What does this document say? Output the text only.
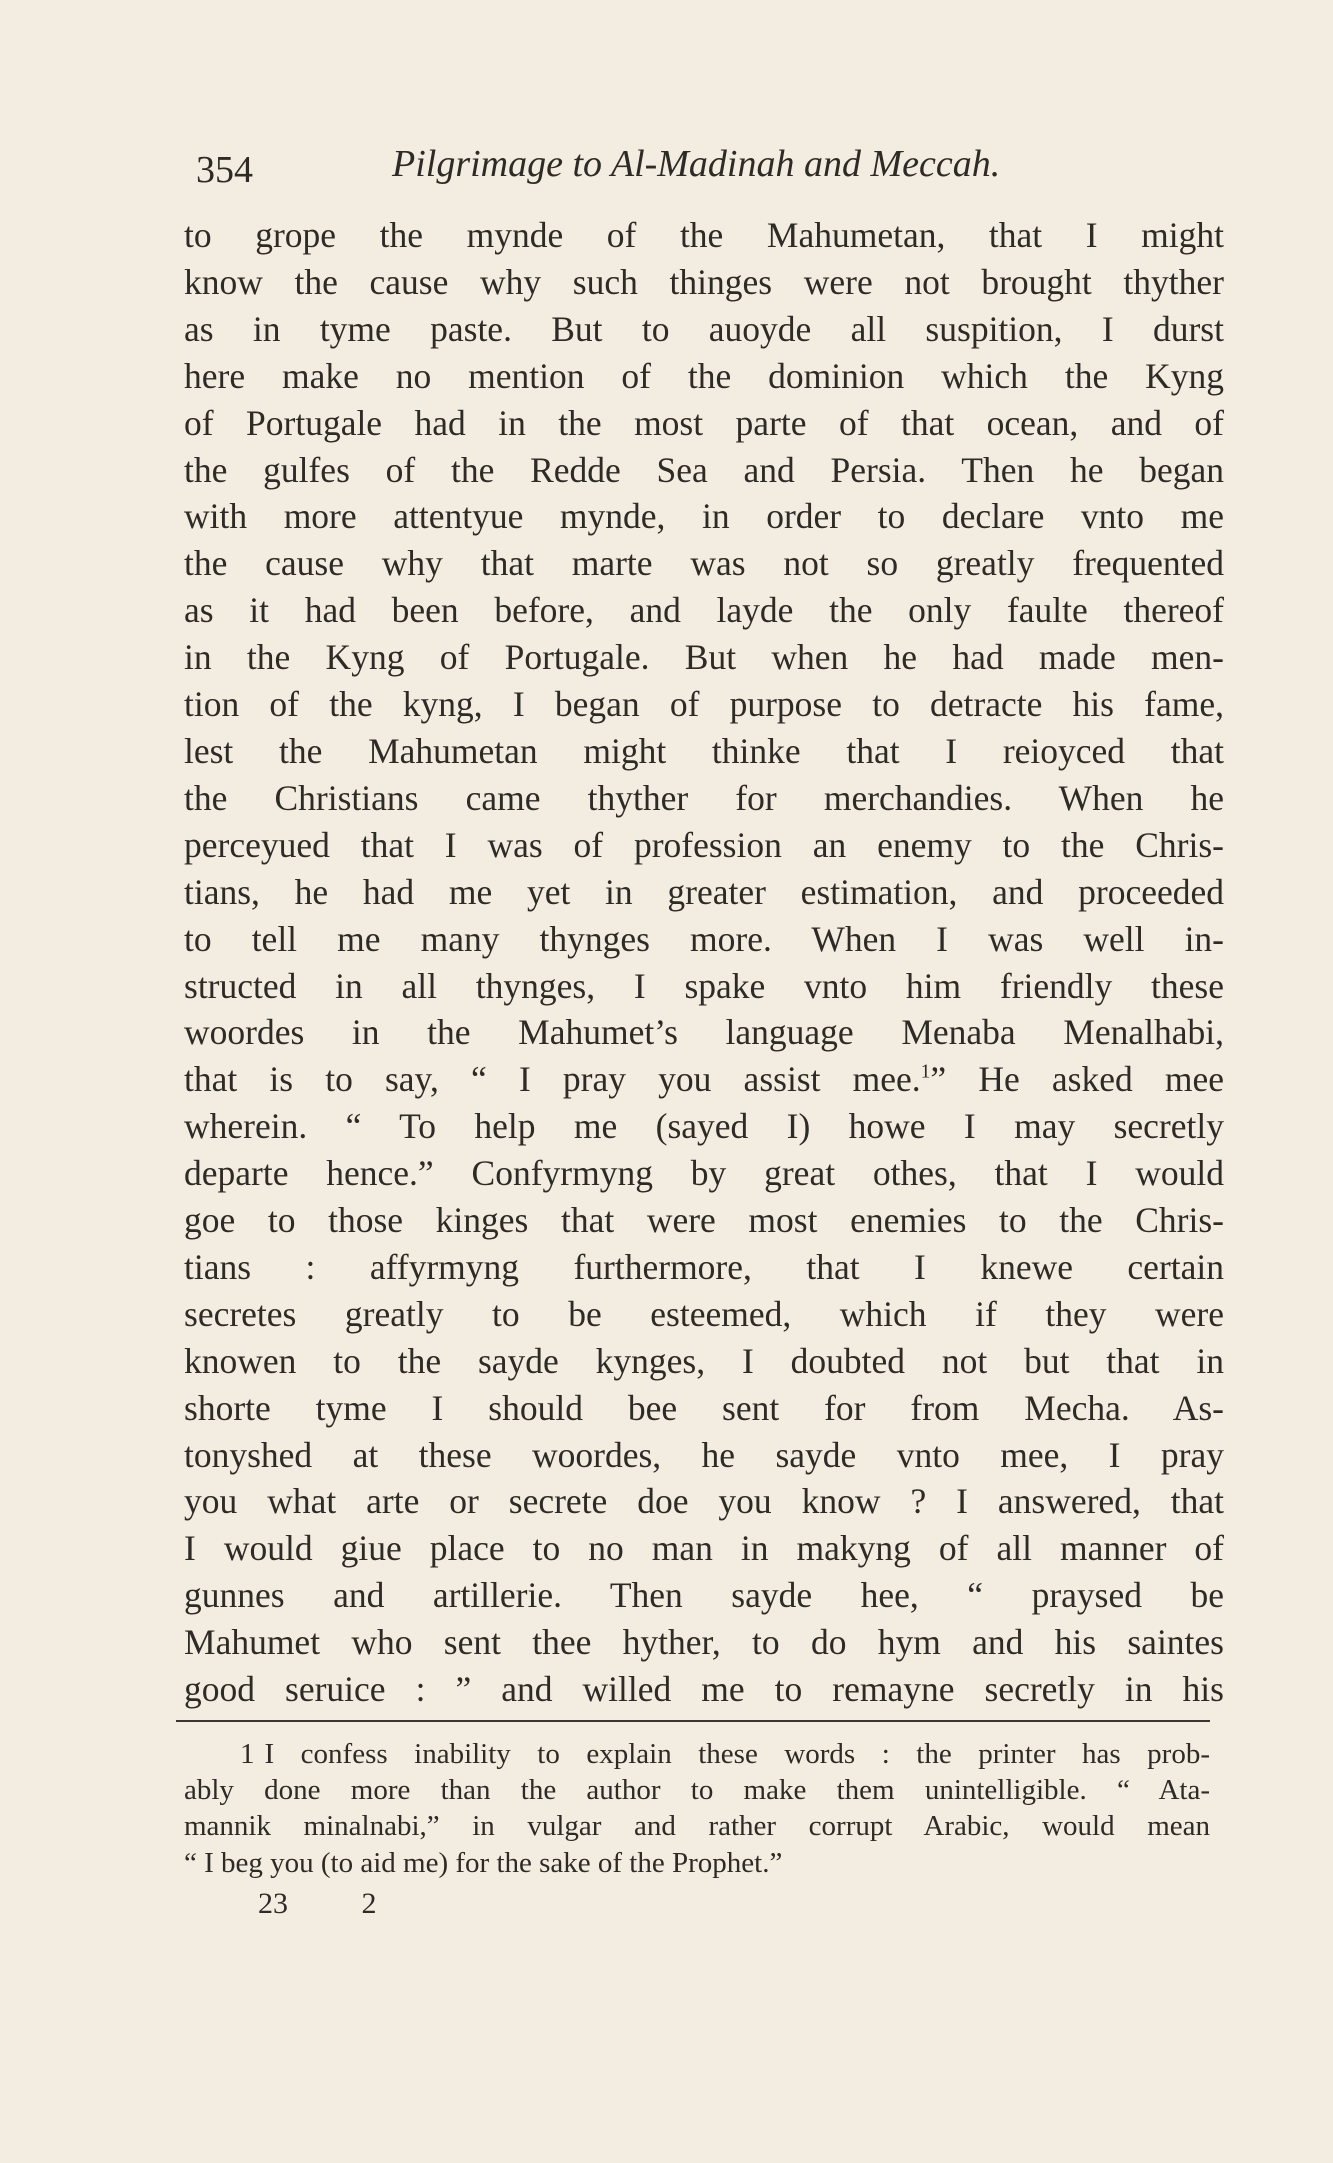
354	Pilgrimage to Al-Madinah and Meccah.
to grope the mynde of the Mahumetan, that I might
know the cause why such thinges were not brought thyther
as in tyme paste. But to auoyde all suspition, I durst
here make no mention of the dominion which the Kyng
of Portugale had in the most parte of that ocean, and of
the gulfes of the Redde Sea and Persia. Then he began
with more attentyue mynde, in order to declare vnto me
the cause why that marte was not so greatly frequented
as it had been before, and layde the only faulte thereof
in the Kyng of Portugale. But when he had made men-
tion of the kyng, I began of purpose to detracte his fame,
lest the Mahumetan might thinke that I reioyced that
the Christians came thyther for merchandies. When he
perceyued that I was of profession an enemy to the Chris-
tians, he had me yet in greater estimation, and proceeded
to tell me many thynges more. When I was well in-
structed in all thynges, I spake vnto him friendly these
woordes in the Mahumet’s language Menaba Menalhabi,
that is to say, “ I pray you assist mee.$^1$” He asked mee
wherein. “ To help me (sayed I) howe I may secretly
departe hence.” Confyrmyng by great othes, that I would
goe to those kinges that were most enemies to the Chris-
tians : affyrmyng furthermore, that I knewe certain
secretes greatly to be esteemed, which if they were
knowen to the sayde kynges, I doubted not but that in
shorte tyme I should bee sent for from Mecha. As-
tonyshed at these woordes, he sayde vnto mee, I pray
you what arte or secrete doe you know ? I answered, that
I would giue place to no man in makyng of all manner of
gunnes and artillerie. Then sayde hee, “ praysed be
Mahumet who sent thee hyther, to do hym and his saintes
good seruice : ” and willed me to remayne secretly in his
1 I confess inability to explain these words : the printer has prob-
ably done more than the author to make them unintelligible. “ Ata-
mannik minalnabi,” in vulgar and rather corrupt Arabic, would mean
“ I beg you (to aid me) for the sake of the Prophet.”
23 2
